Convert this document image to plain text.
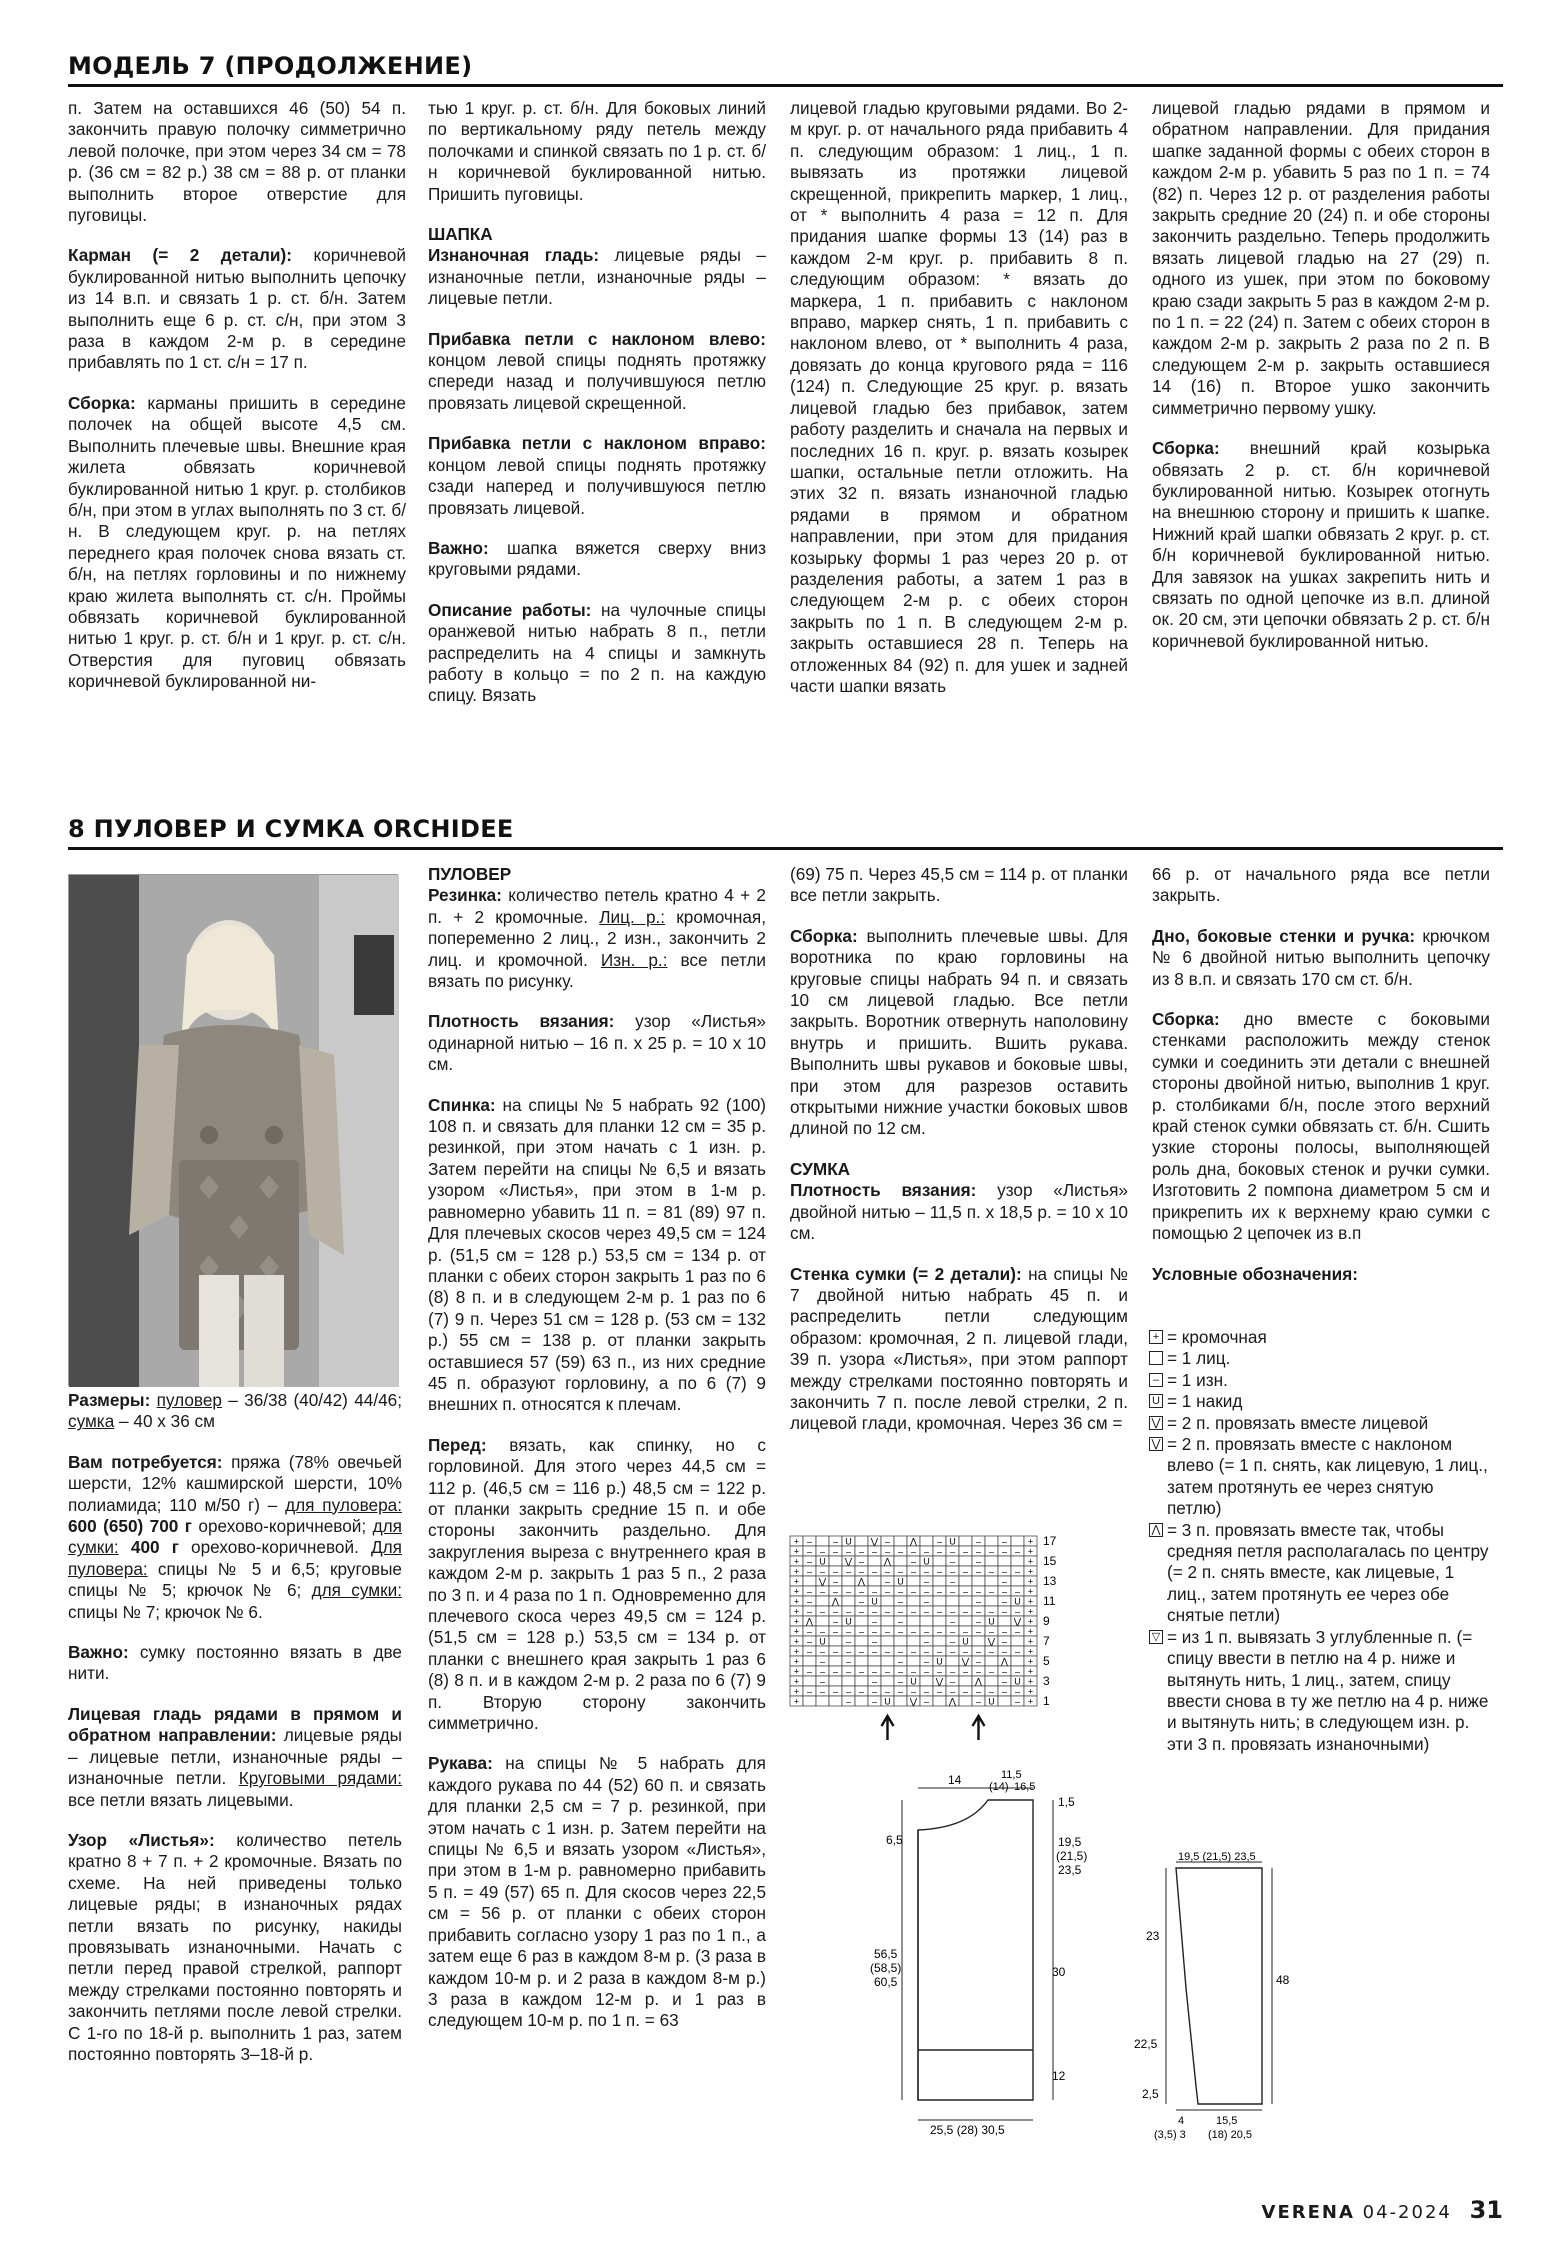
МОДЕЛЬ 7 (ПРОДОЛЖЕНИЕ)

п. Затем на оставшихся 46 (50) 54 п. закончить правую полочку симметрично левой полочке, при этом через 34 см = 78 р. (36 см = 82 р.) 38 см = 88 р. от планки выполнить второе отверстие для пуговицы.

Карман (= 2 детали): коричневой буклированной нитью выполнить цепочку из 14 в.п. и связать 1 р. ст. б/н. Затем выполнить еще 6 р. ст. с/н, при этом 3 раза в каждом 2-м р. в середине прибавлять по 1 ст. с/н = 17 п.

Сборка: карманы пришить в середине полочек на общей высоте 4,5 см. Выполнить плечевые швы. Внешние края жилета обвязать коричневой буклированной нитью 1 круг. р. столбиков б/н, при этом в углах выполнять по 3 ст. б/н. В следующем круг. р. на петлях переднего края полочек снова вязать ст. б/н, на петлях горловины и по нижнему краю жилета выполнять ст. с/н. Проймы обвязать коричневой буклированной нитью 1 круг. р. ст. б/н и 1 круг. р. ст. с/н. Отверстия для пуговиц обвязать коричневой буклированной ни-

тью 1 круг. р. ст. б/н. Для боковых линий по вертикальному ряду петель между полочками и спинкой связать по 1 р. ст. б/н коричневой буклированной нитью. Пришить пуговицы.

ШАПКА

Изнаночная гладь: лицевые ряды – изнаночные петли, изнаночные ряды – лицевые петли.

Прибавка петли с наклоном влево: концом левой спицы поднять протяжку спереди назад и получившуюся петлю провязать лицевой скрещенной.

Прибавка петли с наклоном вправо: концом левой спицы поднять протяжку сзади наперед и получившуюся петлю провязать лицевой.

Важно: шапка вяжется сверху вниз круговыми рядами.

Описание работы: на чулочные спицы оранжевой нитью набрать 8 п., петли распределить на 4 спицы и замкнуть работу в кольцо = по 2 п. на каждую спицу. Вязать

лицевой гладью круговыми рядами. Во 2-м круг. р. от начального ряда прибавить 4 п. следующим образом: 1 лиц., 1 п. вывязать из протяжки лицевой скрещенной, прикрепить маркер, 1 лиц., от * выполнить 4 раза = 12 п. Для придания шапке формы 13 (14) раз в каждом 2-м круг. р. прибавить 8 п. следующим образом: * вязать до маркера, 1 п. прибавить с наклоном вправо, маркер снять, 1 п. прибавить с наклоном влево, от * выполнить 4 раза, довязать до конца кругового ряда = 116 (124) п. Следующие 25 круг. р. вязать лицевой гладью без прибавок, затем работу разделить и сначала на первых и последних 16 п. круг. р. вязать козырек шапки, остальные петли отложить. На этих 32 п. вязать изнаночной гладью рядами в прямом и обратном направлении, при этом для придания козырьку формы 1 раз через 20 р. от разделения работы, а затем 1 раз в следующем 2-м р. с обеих сторон закрыть по 1 п. В следующем 2-м р. закрыть оставшиеся 28 п. Теперь на отложенных 84 (92) п. для ушек и задней части шапки вязать

лицевой гладью рядами в прямом и обратном направлении. Для придания шапке заданной формы с обеих сторон в каждом 2-м р. убавить 5 раз по 1 п. = 74 (82) п. Через 12 р. от разделения работы закрыть средние 20 (24) п. и обе стороны закончить раздельно. Теперь продолжить вязать лицевой гладью на 27 (29) п. одного из ушек, при этом по боковому краю сзади закрыть 5 раз в каждом 2-м р. по 1 п. = 22 (24) п. Затем с обеих сторон в каждом 2-м р. закрыть 2 раза по 2 п. В следующем 2-м р. закрыть оставшиеся 14 (16) п. Второе ушко закончить симметрично первому ушку.

Сборка: внешний край козырька обвязать 2 р. ст. б/н коричневой буклированной нитью. Козырек отогнуть на внешнюю сторону и пришить к шапке. Нижний край шапки обвязать 2 круг. р. ст. б/н коричневой буклированной нитью. Для завязок на ушках закрепить нить и связать по одной цепочке из в.п. длиной ок. 20 см, эти цепочки обвязать 2 р. ст. б/н коричневой буклированной нитью.

8 ПУЛОВЕР И СУМКА ORCHIDEE

Размеры: пуловер – 36/38 (40/42) 44/46; сумка – 40 x 36 см

Вам потребуется: пряжа (78% овечьей шерсти, 12% кашмирской шерсти, 10% полиамида; 110 м/50 г) – для пуловера: 600 (650) 700 г орехово-коричневой; для сумки: 400 г орехово-коричневой. Для пуловера: спицы № 5 и 6,5; круговые спицы № 5; крючок № 6; для сумки: спицы № 7; крючок № 6.

Важно: сумку постоянно вязать в две нити.

Лицевая гладь рядами в прямом и обратном направлении: лицевые ряды – лицевые петли, изнаночные ряды – изнаночные петли. Круговыми рядами: все петли вязать лицевыми.

Узор «Листья»: количество петель кратно 8 + 7 п. + 2 кромочные. Вязать по схеме. На ней приведены только лицевые ряды; в изнаночных рядах петли вязать по рисунку, накиды провязывать изнаночными. Начать с петли перед правой стрелкой, раппорт между стрелками постоянно повторять и закончить петлями после левой стрелки. С 1-го по 18-й р. выполнить 1 раз, затем постоянно повторять 3–18-й р.

ПУЛОВЕР

Резинка: количество петель кратно 4 + 2 п. + 2 кромочные. Лиц. р.: кромочная, попеременно 2 лиц., 2 изн., закончить 2 лиц. и кромочной. Изн. р.: все петли вязать по рисунку.

Плотность вязания: узор «Листья» одинарной нитью – 16 п. x 25 р. = 10 x 10 см.

Спинка: на спицы № 5 набрать 92 (100) 108 п. и связать для планки 12 см = 35 р. резинкой, при этом начать с 1 изн. р. Затем перейти на спицы № 6,5 и вязать узором «Листья», при этом в 1-м р. равномерно убавить 11 п. = 81 (89) 97 п. Для плечевых скосов через 49,5 см = 124 р. (51,5 см = 128 р.) 53,5 см = 134 р. от планки с обеих сторон закрыть 1 раз по 6 (8) 8 п. и в следующем 2-м р. 1 раз по 6 (7) 9 п. Через 51 см = 128 р. (53 см = 132 р.) 55 см = 138 р. от планки закрыть оставшиеся 57 (59) 63 п., из них средние 45 п. образуют горловину, а по 6 (7) 9 внешних п. относятся к плечам.

Перед: вязать, как спинку, но с горловиной. Для этого через 44,5 см = 112 р. (46,5 см = 116 р.) 48,5 см = 122 р. от планки закрыть средние 15 п. и обе стороны закончить раздельно. Для закругления выреза с внутреннего края в каждом 2-м р. закрыть 1 раз 5 п., 2 раза по 3 п. и 4 раза по 1 п. Одновременно для плечевого скоса через 49,5 см = 124 р. (51,5 см = 128 р.) 53,5 см = 134 р. от планки с внешнего края закрыть 1 раз 6 (8) 8 п. и в каждом 2-м р. 2 раза по 6 (7) 9 п. Вторую сторону закончить симметрично.

Рукава: на спицы № 5 набрать для каждого рукава по 44 (52) 60 п. и связать для планки 2,5 см = 7 р. резинкой, при этом начать с 1 изн. р. Затем перейти на спицы № 6,5 и вязать узором «Листья», при этом в 1-м р. равномерно прибавить 5 п. = 49 (57) 65 п. Для скосов через 22,5 см = 56 р. от планки с обеих сторон прибавить согласно узору 1 раз по 1 п., а затем еще 6 раз в каждом 8-м р. (3 раза в каждом 10-м р. и 2 раза в каждом 8-м р.) 3 раза в каждом 12-м р. и 1 раз в следующем 10-м р. по 1 п. = 63

(69) 75 п. Через 45,5 см = 114 р. от планки все петли закрыть.

Сборка: выполнить плечевые швы. Для воротника по краю горловины на круговые спицы набрать 94 п. и связать 10 см лицевой гладью. Все петли закрыть. Воротник отвернуть наполовину внутрь и пришить. Вшить рукава. Выполнить швы рукавов и боковые швы, при этом для разрезов оставить открытыми нижние участки боковых швов длиной по 12 см.

СУМКА

Плотность вязания: узор «Листья» двойной нитью – 11,5 п. x 18,5 р. = 10 x 10 см.

Стенка сумки (= 2 детали): на спицы № 7 двойной нитью набрать 45 п. и распределить петли следующим образом: кромочная, 2 п. лицевой глади, 39 п. узора «Листья», при этом раппорт между стрелками постоянно повторять и закончить 7 п. после левой стрелки, 2 п. лицевой глади, кромочная. Через 36 см =

66 р. от начального ряда все петли закрыть.

Дно, боковые стенки и ручка: крючком № 6 двойной нитью выполнить цепочку из 8 в.п. и связать 170 см ст. б/н.

Сборка: дно вместе с боковыми стенками расположить между стенок сумки и соединить эти детали с внешней стороны двойной нитью, выполнив 1 круг. р. столбиками б/н, после этого верхний край стенок сумки обвязать ст. б/н. Сшить узкие стороны полосы, выполняющей роль дна, боковых стенок и ручки сумки. Изготовить 2 помпона диаметром 5 см и прикрепить их к верхнему краю сумки с помощью 2 цепочек из в.п

Условные обозначения:
+ = кромочная
= 1 лиц.
– = 1 изн.
U = 1 накид
⋁ = 2 п. провязать вместе лицевой
⋁ = 2 п. провязать вместе с наклоном влево (= 1 п. снять, как лицевую, 1 лиц., затем протянуть ее через снятую петлю)
⋀ = 3 п. провязать вместе так, чтобы средняя петля располагалась по центру (= 2 п. снять вместе, как лицевые, 1 лиц., затем протянуть ее через обе снятые петли)
▽ = из 1 п. вывязать 3 углубленные п. (= спицу ввести в петлю на 4 р. ниже и вытянуть нить, 1 лиц., затем, спицу ввести снова в ту же петлю на 4 р. ниже и вытянуть нить; в следующем изн. р. эти 3 п. провязать изнаночными)
+ – – U ⋁ – ⋀ – U – – +
+ – – – – – – – – – – – – – – – – – +
+ – U ⋁ – ⋀ – U – –	+
+ – – – – – – – – – – – – – – – – – +
+ ⋁ – ⋀ – U – –	– +
+ – – – – – – – – – – – – – – – – – +
+ – ⋀ – U – –	– – U +
+ – – – – – – – – – – – – – – – – – +
+ ⋀ – U – –	– – U ⋁ +
+ – – – – – – – – – – – – – – – – – +
+ – U – –	– – U ⋁ – +
+ – – – – – – – – – – – – – – – – – +
+ – –	– – U ⋁ – ⋀ +
+ – – – – – – – – – – – – – – – – – +
+ –	– – U ⋁ – ⋀ – U +
+ – – – – – – – – – – – – – – – – – +
+	– – U ⋁ – ⋀ – U – +
17
15
13
11
9
7
5
3
1
14	11,5
(14) 16,5
1,5
19,5
(21,5)
23,5
6,5
56,5
(58,5)
60,5
30
12
25,5 (28) 30,5
19,5 (21,5) 23,5
23
22,5
2,5
48
4	15,5
(3,5) 3 (18) 20,5
VERENA 04-2024 31
